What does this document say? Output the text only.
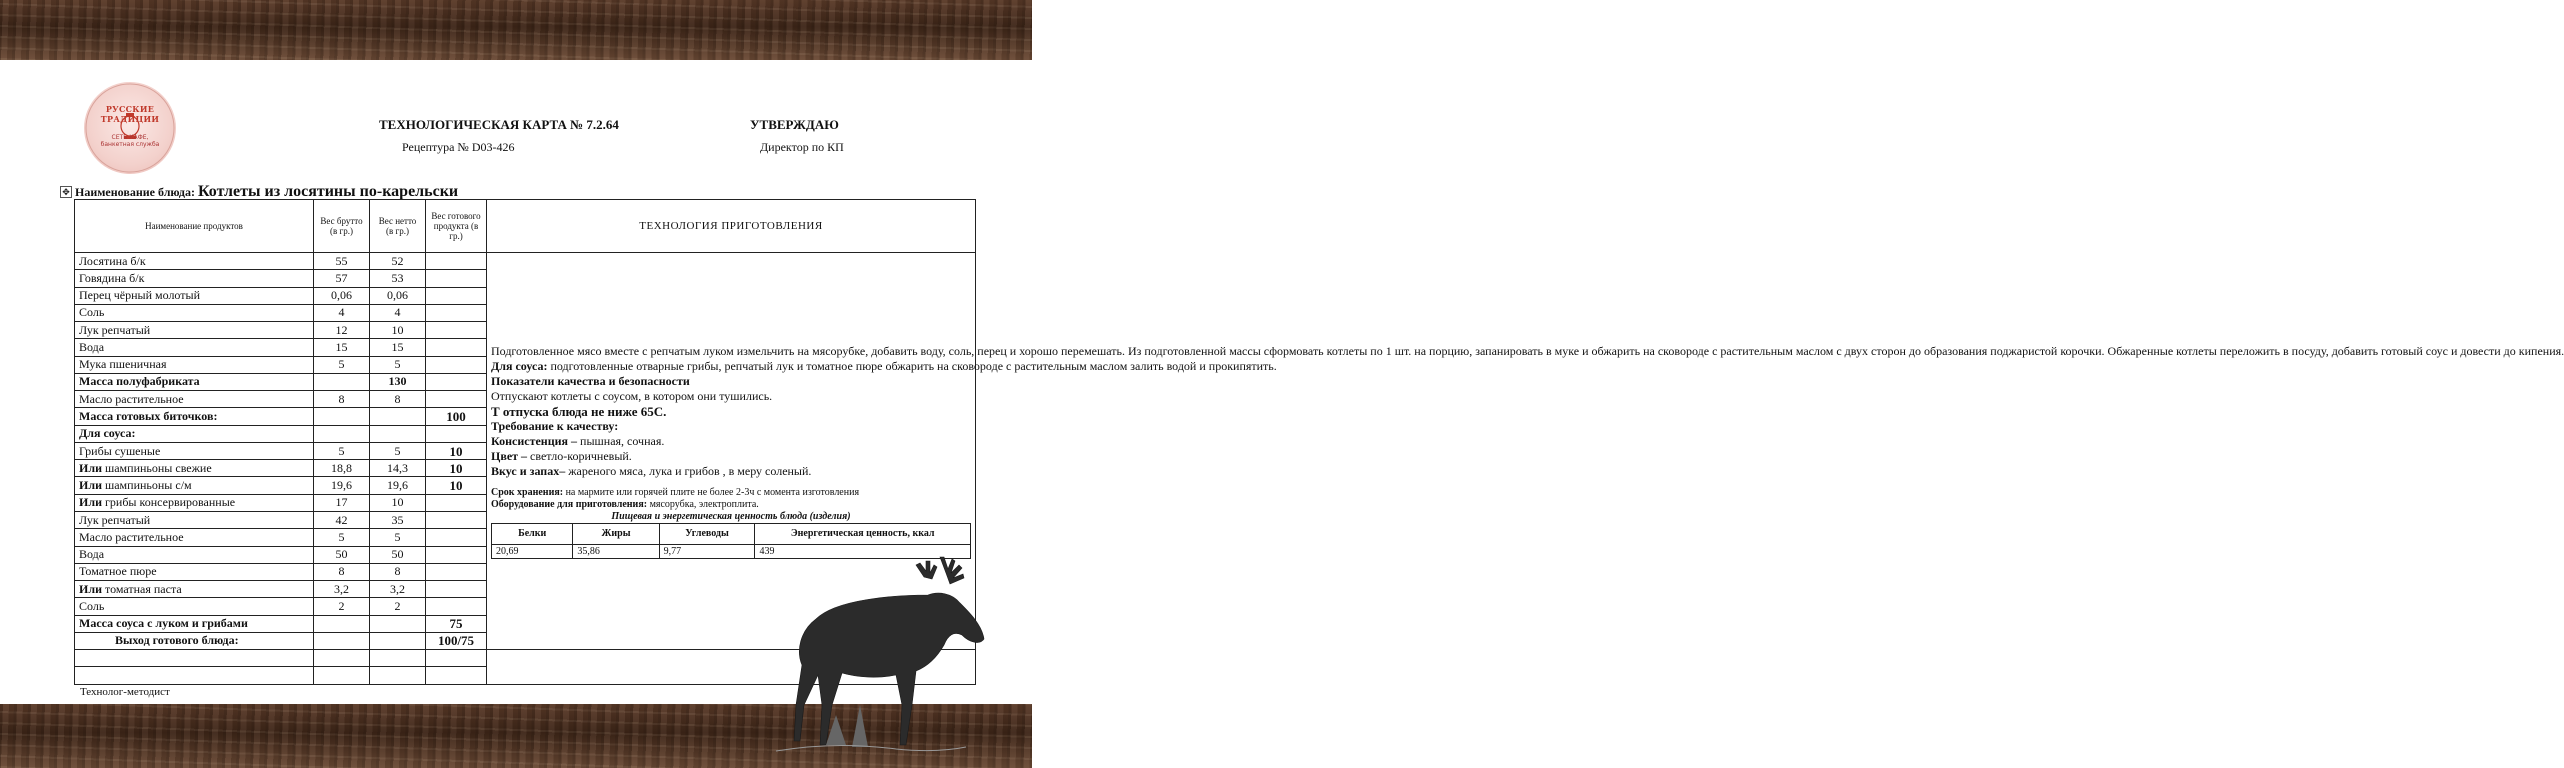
РУССКИЕ ТРАДИЦИИ
СЕТЬ КАФЕ, банкетная служба
ТЕХНОЛОГИЧЕСКАЯ КАРТА № 7.2.64
Рецептура № D03-426
УТВЕРЖДАЮ
Директор по КП
✥ Наименование блюда: Котлеты из лосятины по-карельски
Наименование продуктов	Вес брутто (в гр.)	Вес нетто (в гр.)	Вес готового продукта (в гр.)	ТЕХНОЛОГИЯ ПРИГОТОВЛЕНИЯ
Лосятина б/к	55	52		

Подготовленное мясо вместе с репчатым луком измельчить на мясорубке, добавить воду, соль, перец и хорошо перемешать. Из подготовленной массы сформовать котлеты по 1 шт. на порцию, запанировать в муке и обжарить на сковороде с растительным маслом с двух сторон до образования поджаристой корочки. Обжаренные котлеты переложить в посуду, добавить готовый соус и довести до кипения.

Для соуса: подготовленные отварные грибы, репчатый лук и томатное пюре обжарить на сковороде с растительным маслом залить водой и прокипятить.

Показатели качества и безопасности

Отпускают котлеты с соусом, в котором они тушились.

Т отпуска блюда не ниже 65С.

Требование к качеству:

Консистенция – пышная, сочная.

Цвет – светло-коричневый.

Вкус и запах– жареного мяса, лука и грибов , в меру соленый.

Срок хранения: на мармите или горячей плите не более 2-3ч с момента изготовления

Оборудование для приготовления: мясорубка, электроплита.

Пищевая и энергетическая ценность блюда (изделия)

Белки	Жиры	Углеводы	Энергетическая ценность, ккал
20,69	35,86	9,77	439

Говядина б/к	57	53	
Перец чёрный молотый	0,06	0,06	
Соль	4	4	
Лук репчатый	12	10	
Вода	15	15	
Мука пшеничная	5	5	
Масса полуфабриката		130	
Масло растительное	8	8	
Масса готовых биточков:			100
Для соуса:			
Грибы сушеные	5	5	10
Или шампиньоны свежие	18,8	14,3	10
Или шампиньоны с/м	19,6	19,6	10
Или грибы консервированные	17	10	
Лук репчатый	42	35	
Масло растительное	5	5	
Вода	50	50	
Томатное пюре	8	8	
Или томатная паста	3,2	3,2	
Соль	2	2	
Масса соуса с луком и грибами			75
Выход готового блюда:			100/75

Технолог-методист
